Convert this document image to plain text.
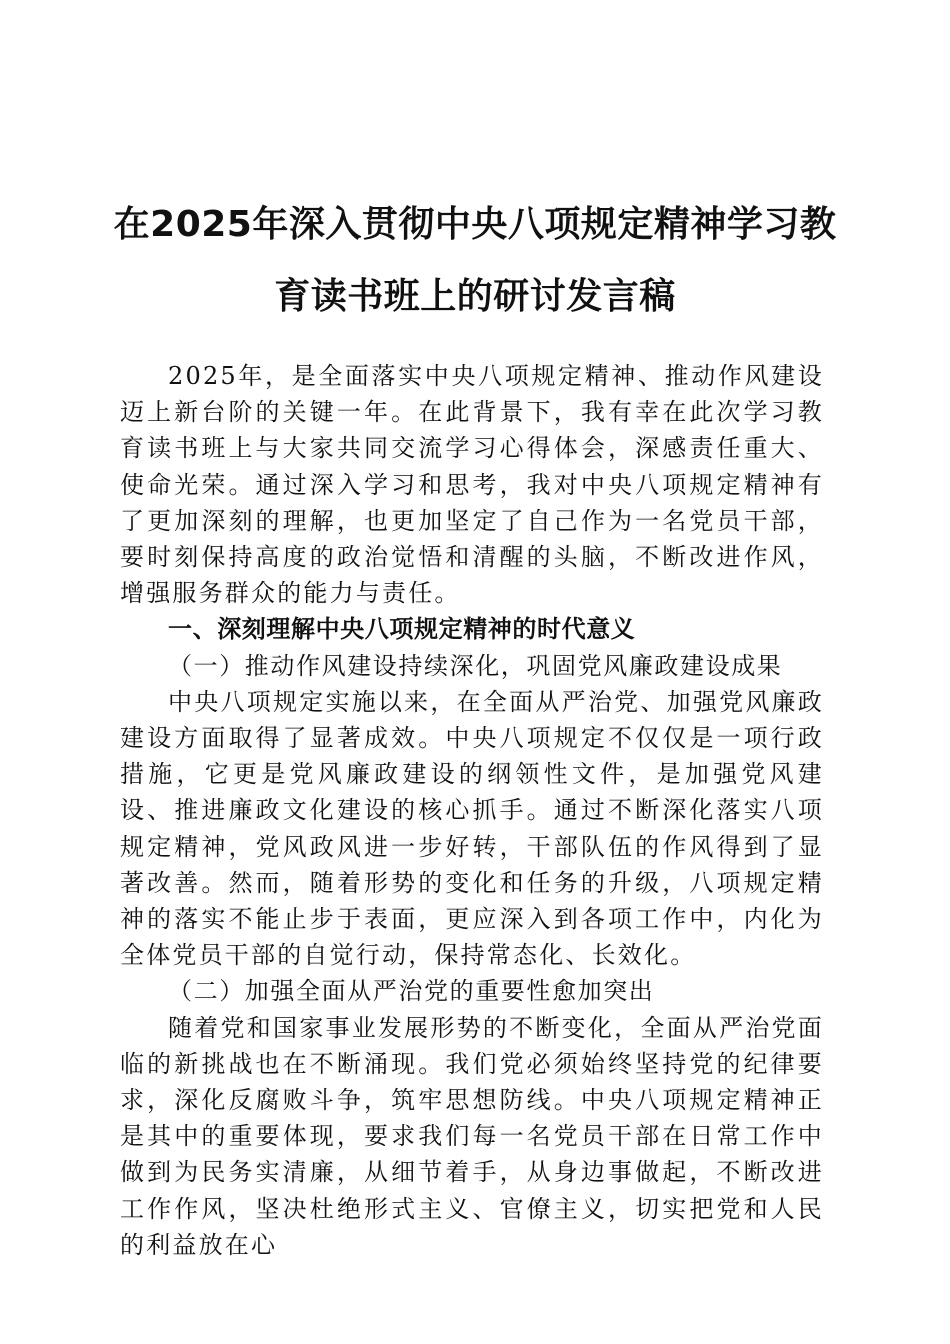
在2025年深入贯彻中央八项规定精神学习教
育读书班上的研讨发言稿

2025年，是全面落实中央八项规定精神、推动作风建设迈上新台阶的关键一年。在此背景下，我有幸在此次学习教育读书班上与大家共同交流学习心得体会，深感责任重大、使命光荣。通过深入学习和思考，我对中央八项规定精神有了更加深刻的理解，也更加坚定了自己作为一名党员干部，要时刻保持高度的政治觉悟和清醒的头脑，不断改进作风，增强服务群众的能力与责任。

一、深刻理解中央八项规定精神的时代意义

（一）推动作风建设持续深化，巩固党风廉政建设成果

中央八项规定实施以来，在全面从严治党、加强党风廉政建设方面取得了显著成效。中央八项规定不仅仅是一项行政措施，它更是党风廉政建设的纲领性文件，是加强党风建设、推进廉政文化建设的核心抓手。通过不断深化落实八项规定精神，党风政风进一步好转，干部队伍的作风得到了显著改善。然而，随着形势的变化和任务的升级，八项规定精神的落实不能止步于表面，更应深入到各项工作中，内化为全体党员干部的自觉行动，保持常态化、长效化。

（二）加强全面从严治党的重要性愈加突出

随着党和国家事业发展形势的不断变化，全面从严治党面临的新挑战也在不断涌现。我们党必须始终坚持党的纪律要求，深化反腐败斗争，筑牢思想防线。中央八项规定精神正是其中的重要体现，要求我们每一名党员干部在日常工作中做到为民务实清廉，从细节着手，从身边事做起，不断改进工作作风，坚决杜绝形式主义、官僚主义，切实把党和人民的利益放在心
